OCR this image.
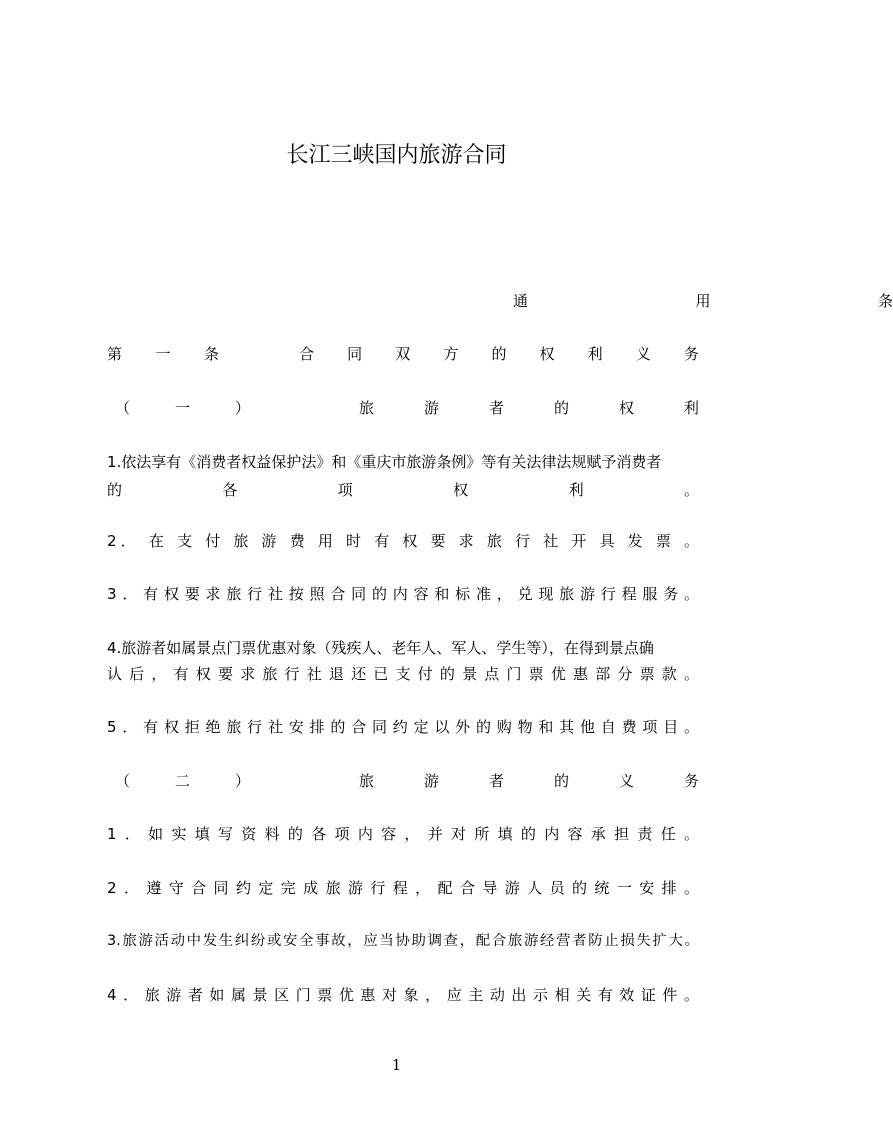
长江三峡国内旅游合同
通	用	条
第 一 条	合 同 双 方 的 权 利 义 务
（	一	）	旅	游	者	的	权	利
1.依法享有《消费者权益保护法》和《重庆市旅游条例》等有关法律法规赋予消费者
的	各	项	权	利	。
2． 在 支 付 旅 游 费 用 时 有 权 要 求 旅 行 社 开 具 发 票 。
3．有权要求旅行社按照合同的内容和标准，兑现旅游行程服务。
4.旅游者如属景点门票优惠对象（残疾人、老年人、军人、学生等），在得到景点确
认后，有权要求旅行社退还已支付的景点门票优惠部分票款。
5．有权拒绝旅行社安排的合同约定以外的购物和其他自费项目。
（	二	）	旅	游	者	的	义	务
1．如实填写资料的各项内容，并对所填的内容承担责任。
2．遵守合同约定完成旅游行程，配合导游人员的统一安排。
3.旅游活动中发生纠纷或安全事故，应当协助调查，配合旅游经营者防止损失扩大。
4．旅游者如属景区门票优惠对象，应主动出示相关有效证件。
1
